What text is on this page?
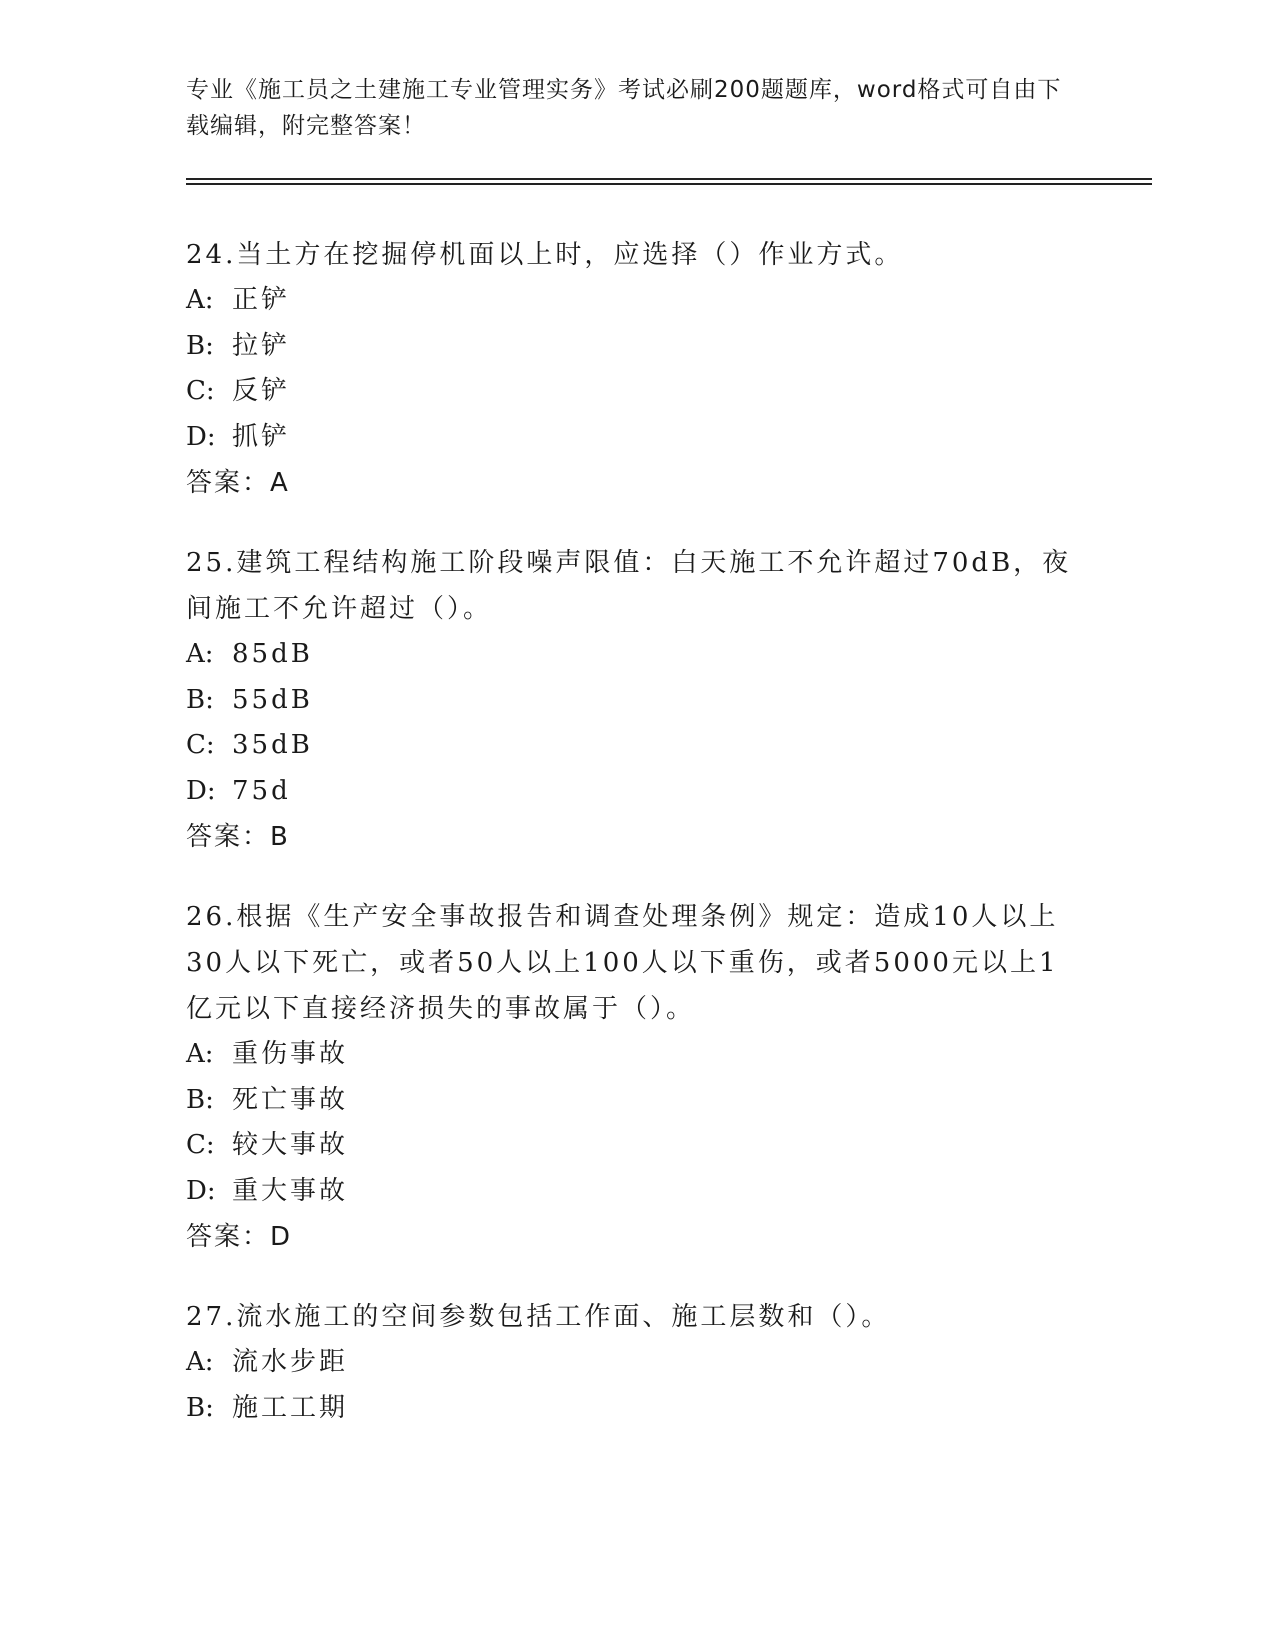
专业《施工员之土建施工专业管理实务》考试必刷200题题库，word格式可自由下载编辑，附完整答案！
24.当土方在挖掘停机面以上时，应选择（）作业方式。
A: 正铲
B: 拉铲
C: 反铲
D: 抓铲
答案：A
25.建筑工程结构施工阶段噪声限值：白天施工不允许超过70dB，夜间施工不允许超过（）。
A: 85dB
B: 55dB
C: 35dB
D: 75d
答案：B
26.根据《生产安全事故报告和调查处理条例》规定：造成10人以上30人以下死亡，或者50人以上100人以下重伤，或者5000元以上1亿元以下直接经济损失的事故属于（）。
A: 重伤事故
B: 死亡事故
C: 较大事故
D: 重大事故
答案：D
27.流水施工的空间参数包括工作面、施工层数和（）。
A: 流水步距
B: 施工工期
